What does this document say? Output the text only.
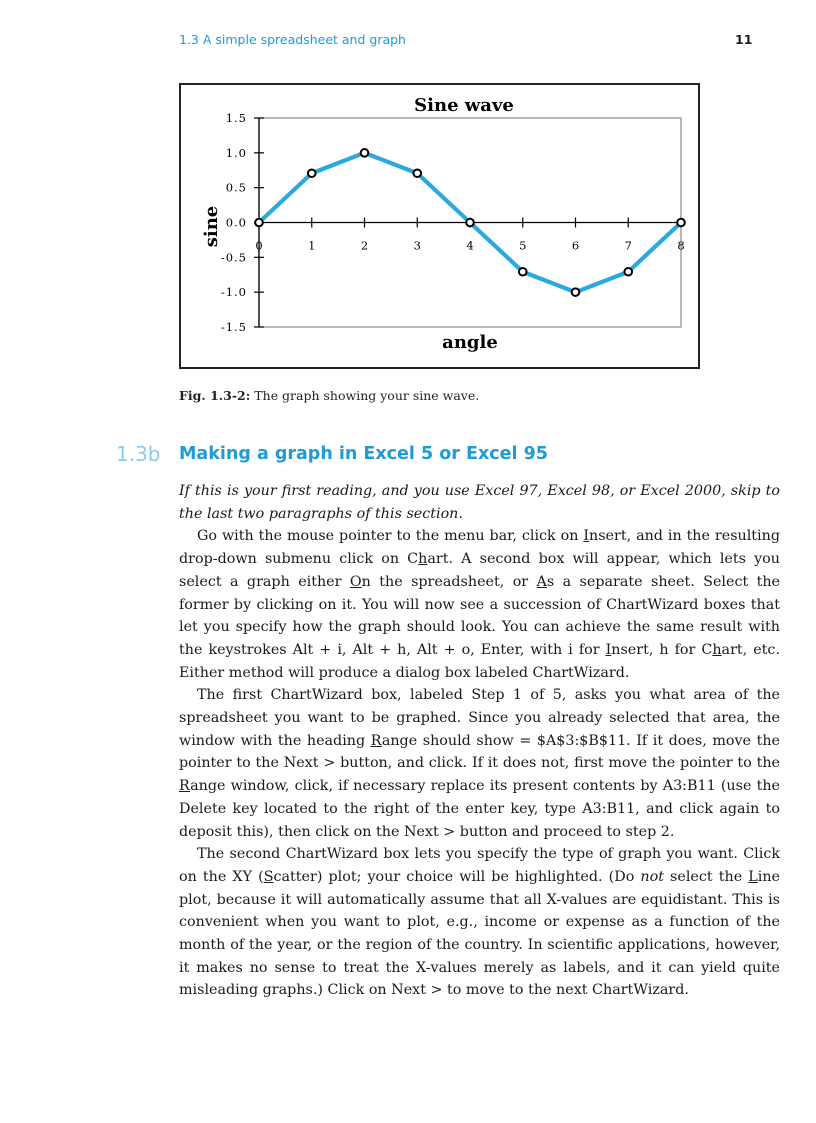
1.3 A simple spreadsheet and graph	11
1.5
1.0
0.5
0.0
-0.5
-1.0
-1.5
0	1	2	3	4	5	6	7	8
Sine wave
angle
sine
Fig. 1.3-2: The graph showing your sine wave.
1.3b Making a graph in Excel 5 or Excel 95

If this is your first reading, and you use Excel 97, Excel 98, or Excel 2000, skip to the last two paragraphs of this section.

Go with the mouse pointer to the menu bar, click on Insert, and in the resulting drop-down submenu click on Chart. A second box will appear, which lets you select a graph either On the spreadsheet, or As a separate sheet. Select the former by clicking on it. You will now see a succession of ChartWizard boxes that let you specify how the graph should look. You can achieve the same result with the keystrokes Alt + i, Alt + h, Alt + o, Enter, with i for Insert, h for Chart, etc. Either method will produce a dialog box labeled ChartWizard.

The first ChartWizard box, labeled Step 1 of 5, asks you what area of the spreadsheet you want to be graphed. Since you already selected that area, the window with the heading Range should show = $A$3:$B$11. If it does, move the pointer to the Next > button, and click. If it does not, first move the pointer to the Range window, click, if necessary replace its present contents by A3:B11 (use the Delete key located to the right of the enter key, type A3:B11, and click again to deposit this), then click on the Next > button and proceed to step 2.

The second ChartWizard box lets you specify the type of graph you want. Click on the XY (Scatter) plot; your choice will be highlighted. (Do not select the Line plot, because it will automatically assume that all X-values are equidistant. This is convenient when you want to plot, e.g., income or expense as a function of the month of the year, or the region of the country. In scientific applications, however, it makes no sense to treat the X-values merely as labels, and it can yield quite misleading graphs.) Click on Next > to move to the next ChartWizard.
